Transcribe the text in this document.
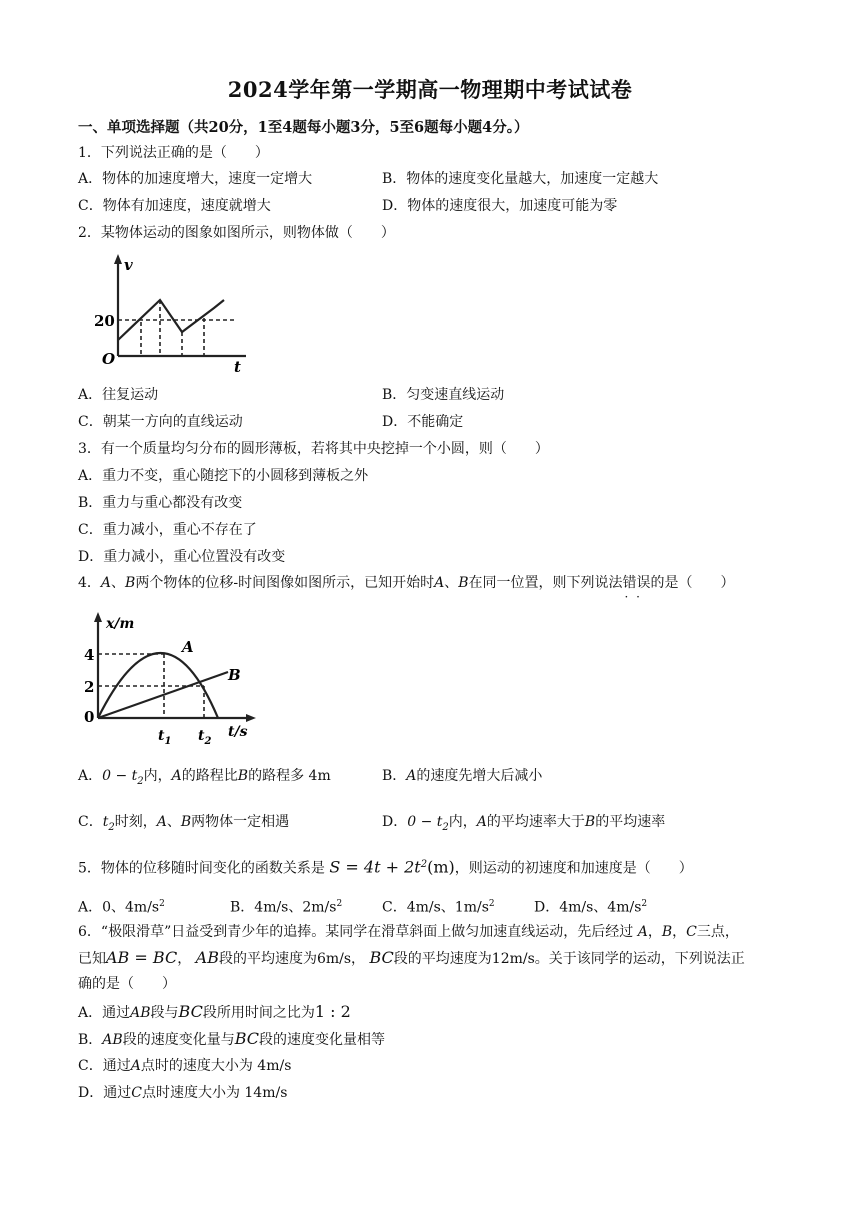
2024学年第一学期高一物理期中考试试卷
一、单项选择题（共20分，1至4题每小题3分，5至6题每小题4分。）
1．下列说法正确的是（　　）
A．物体的加速度增大，速度一定增大	B．物体的速度变化量越大，加速度一定越大
C．物体有加速度，速度就增大	D．物体的速度很大，加速度可能为零
2．某物体运动的图象如图所示，则物体做（　　）
v
20
O	t
A．往复运动	B．匀变速直线运动
C．朝某一方向的直线运动	D．不能确定
3．有一个质量均匀分布的圆形薄板，若将其中央挖掉一个小圆，则（　　）
A．重力不变，重心随挖下的小圆移到薄板之外
B．重力与重心都没有改变
C．重力减小，重心不存在了
D．重力减小，重心位置没有改变
4．A、B两个物体的位移-时间图像如图所示，已知开始时A、B在同一位置，则下列说法错误 · ·的是（　　）
x/m
4
2
0
A
B
$t_1$ $t_2$
t/s
A．$0 - t_2$内，A的路程比B的路程多 4m	B．A的速度先增大后减小
C．$t_2$时刻，A、B两物体一定相遇	D．$0 - t_2$内，A的平均速率大于B的平均速率
5．物体的位移随时间变化的函数关系是 $S = 4t + 2t^2(m)$，则运动的初速度和加速度是（　　）
A．0、$4m/s^2$	B．4m/s、$2m/s^2$	C．4m/s、$1m/s^2$	D．4m/s、$4m/s^2$
6．“极限滑草”日益受到青少年的追捧。某同学在滑草斜面上做匀加速直线运动，先后经过 A，B，C三点，
已知AB = BC， AB段的平均速度为6m/s， BC段的平均速度为12m/s。关于该同学的运动，下列说法正
确的是（　　）
A．通过AB段与BC段所用时间之比为1 : 2
B．AB段的速度变化量与BC段的速度变化量相等
C．通过A点时的速度大小为 4m/s
D．通过C点时速度大小为 14m/s
